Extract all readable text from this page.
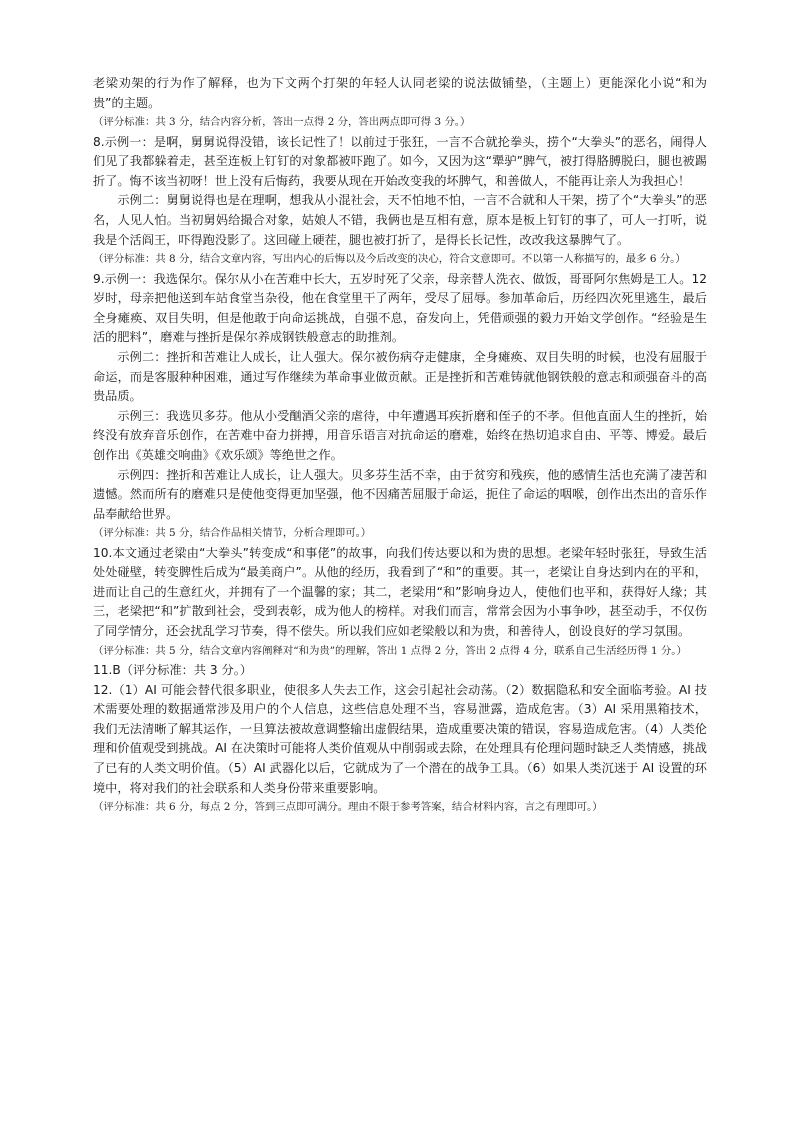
老梁劝架的行为作了解释，也为下文两个打架的年轻人认同老梁的说法做铺垫，（主题上）更能深化小说“和为贵”的主题。

（评分标准：共 3 分，结合内容分析，答出一点得 2 分，答出两点即可得 3 分。）

8.示例一：是啊，舅舅说得没错，该长记性了！以前过于张狂，一言不合就抡拳头，捞个“大拳头”的恶名，闹得人们见了我都躲着走，甚至连板上钉钉的对象都被吓跑了。如今，又因为这“犟驴”脾气，被打得胳膊脱臼，腿也被踢折了。悔不该当初呀！世上没有后悔药，我要从现在开始改变我的坏脾气，和善做人，不能再让亲人为我担心！

示例二：舅舅说得也是在理啊，想我从小混社会，天不怕地不怕，一言不合就和人干架，捞了个“大拳头”的恶名，人见人怕。当初舅妈给撮合对象，姑娘人不错，我俩也是互相有意，原本是板上钉钉的事了，可人一打听，说我是个活阎王，吓得跑没影了。这回碰上硬茬，腿也被打折了，是得长长记性，改改我这暴脾气了。

（评分标准：共 8 分，结合文章内容，写出内心的后悔以及今后改变的决心，符合文意即可。不以第一人称描写的，最多 6 分。）

9.示例一：我选保尔。保尔从小在苦难中长大，五岁时死了父亲，母亲替人洗衣、做饭，哥哥阿尔焦姆是工人。12 岁时，母亲把他送到车站食堂当杂役，他在食堂里干了两年，受尽了屈辱。参加革命后，历经四次死里逃生，最后全身瘫痪、双目失明，但是他敢于向命运挑战，自强不息，奋发向上，凭借顽强的毅力开始文学创作。“经验是生活的肥料”，磨难与挫折是保尔养成钢铁般意志的助推剂。

示例二：挫折和苦难让人成长，让人强大。保尔被伤病夺走健康，全身瘫痪、双目失明的时候，也没有屈服于命运，而是客服种种困难，通过写作继续为革命事业做贡献。正是挫折和苦难铸就他钢铁般的意志和顽强奋斗的高贵品质。

示例三：我选贝多芬。他从小受酗酒父亲的虐待，中年遭遇耳疾折磨和侄子的不孝。但他直面人生的挫折，始终没有放弃音乐创作，在苦难中奋力拼搏，用音乐语言对抗命运的磨难，始终在热切追求自由、平等、博爱。最后创作出《英雄交响曲》《欢乐颂》等绝世之作。

示例四：挫折和苦难让人成长，让人强大。贝多芬生活不幸，由于贫穷和残疾，他的感情生活也充满了凄苦和遗憾。然而所有的磨难只是使他变得更加坚强，他不因痛苦屈服于命运，扼住了命运的咽喉，创作出杰出的音乐作品奉献给世界。

（评分标准：共 5 分，结合作品相关情节，分析合理即可。）

10.本文通过老梁由“大拳头”转变成“和事佬”的故事，向我们传达要以和为贵的思想。老梁年轻时张狂，导致生活处处碰壁，转变脾性后成为“最美商户”。从他的经历，我看到了“和”的重要。其一，老梁让自身达到内在的平和，进而让自己的生意红火，并拥有了一个温馨的家；其二，老梁用“和”影响身边人，使他们也平和，获得好人缘；其三，老梁把“和”扩散到社会，受到表彰，成为他人的榜样。对我们而言，常常会因为小事争吵，甚至动手，不仅伤了同学情分，还会扰乱学习节奏，得不偿失。所以我们应如老梁般以和为贵，和善待人，创设良好的学习氛围。

（评分标准：共 5 分，结合文章内容阐释对“和为贵”的理解，答出 1 点得 2 分，答出 2 点得 4 分，联系自己生活经历得 1 分。）

11.B（评分标准：共 3 分。）

12.（1）AI 可能会替代很多职业，使很多人失去工作，这会引起社会动荡。（2）数据隐私和安全面临考验。AI 技术需要处理的数据通常涉及用户的个人信息，这些信息处理不当，容易泄露，造成危害。（3）AI 采用黑箱技术，我们无法清晰了解其运作，一旦算法被故意调整输出虚假结果，造成重要决策的错误，容易造成危害。（4）人类伦理和价值观受到挑战。AI 在决策时可能将人类价值观从中削弱或去除，在处理具有伦理问题时缺乏人类情感，挑战了已有的人类文明价值。（5）AI 武器化以后，它就成为了一个潜在的战争工具。（6）如果人类沉迷于 AI 设置的环境中，将对我们的社会联系和人类身份带来重要影响。

（评分标准：共 6 分，每点 2 分，答到三点即可满分。理由不限于参考答案，结合材料内容，言之有理即可。）
